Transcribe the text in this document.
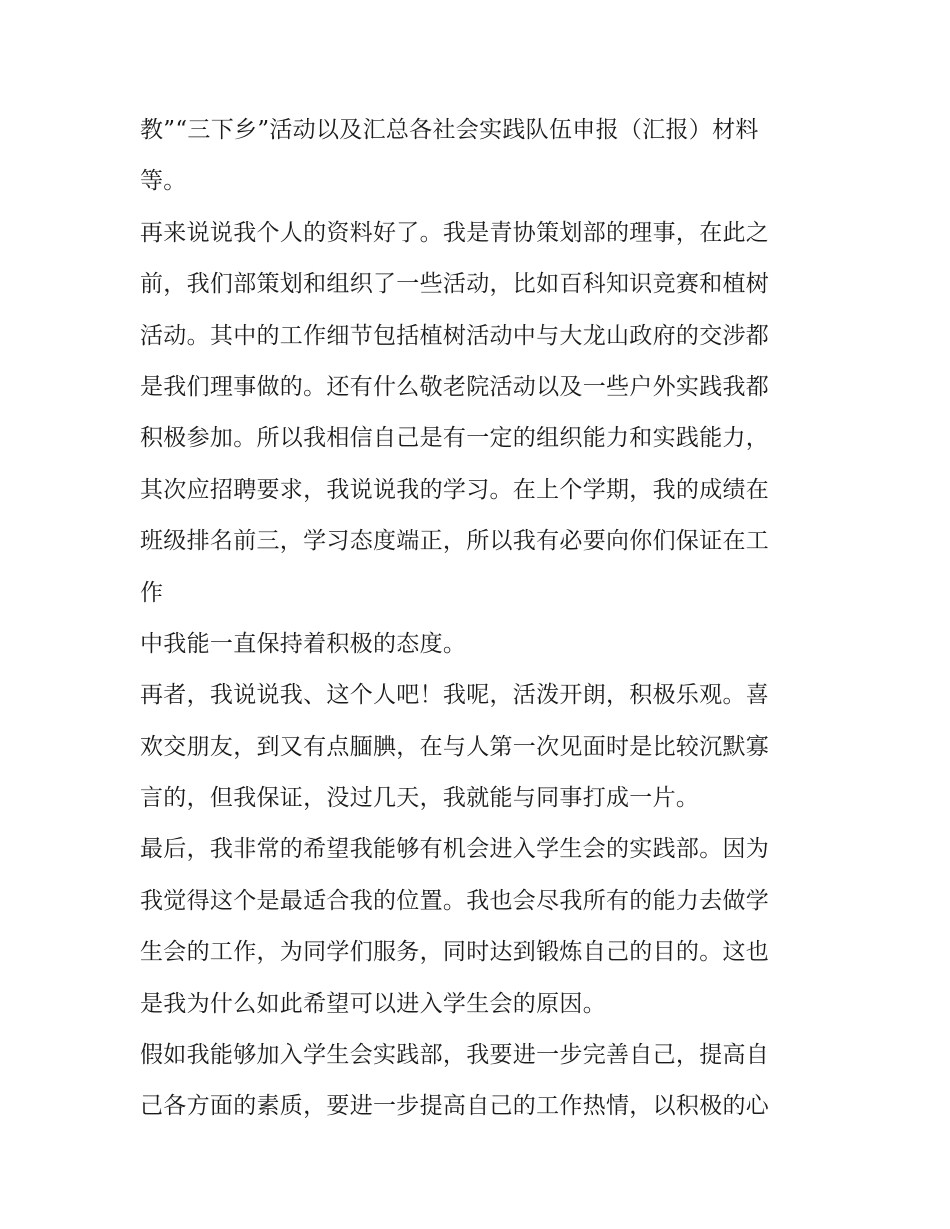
教”“三下乡”活动以及汇总各社会实践队伍申报（汇报）材料
等。
再来说说我个人的资料好了。我是青协策划部的理事，在此之
前，我们部策划和组织了一些活动，比如百科知识竞赛和植树
活动。其中的工作细节包括植树活动中与大龙山政府的交涉都
是我们理事做的。还有什么敬老院活动以及一些户外实践我都
积极参加。所以我相信自己是有一定的组织能力和实践能力，
其次应招聘要求，我说说我的学习。在上个学期，我的成绩在
班级排名前三，学习态度端正，所以我有必要向你们保证在工
作
中我能一直保持着积极的态度。
再者，我说说我、这个人吧！我呢，活泼开朗，积极乐观。喜
欢交朋友，到又有点腼腆，在与人第一次见面时是比较沉默寡
言的，但我保证，没过几天，我就能与同事打成一片。
最后，我非常的希望我能够有机会进入学生会的实践部。因为
我觉得这个是最适合我的位置。我也会尽我所有的能力去做学
生会的工作，为同学们服务，同时达到锻炼自己的目的。这也
是我为什么如此希望可以进入学生会的原因。
假如我能够加入学生会实践部，我要进一步完善自己，提高自
己各方面的素质，要进一步提高自己的工作热情，以积极的心
